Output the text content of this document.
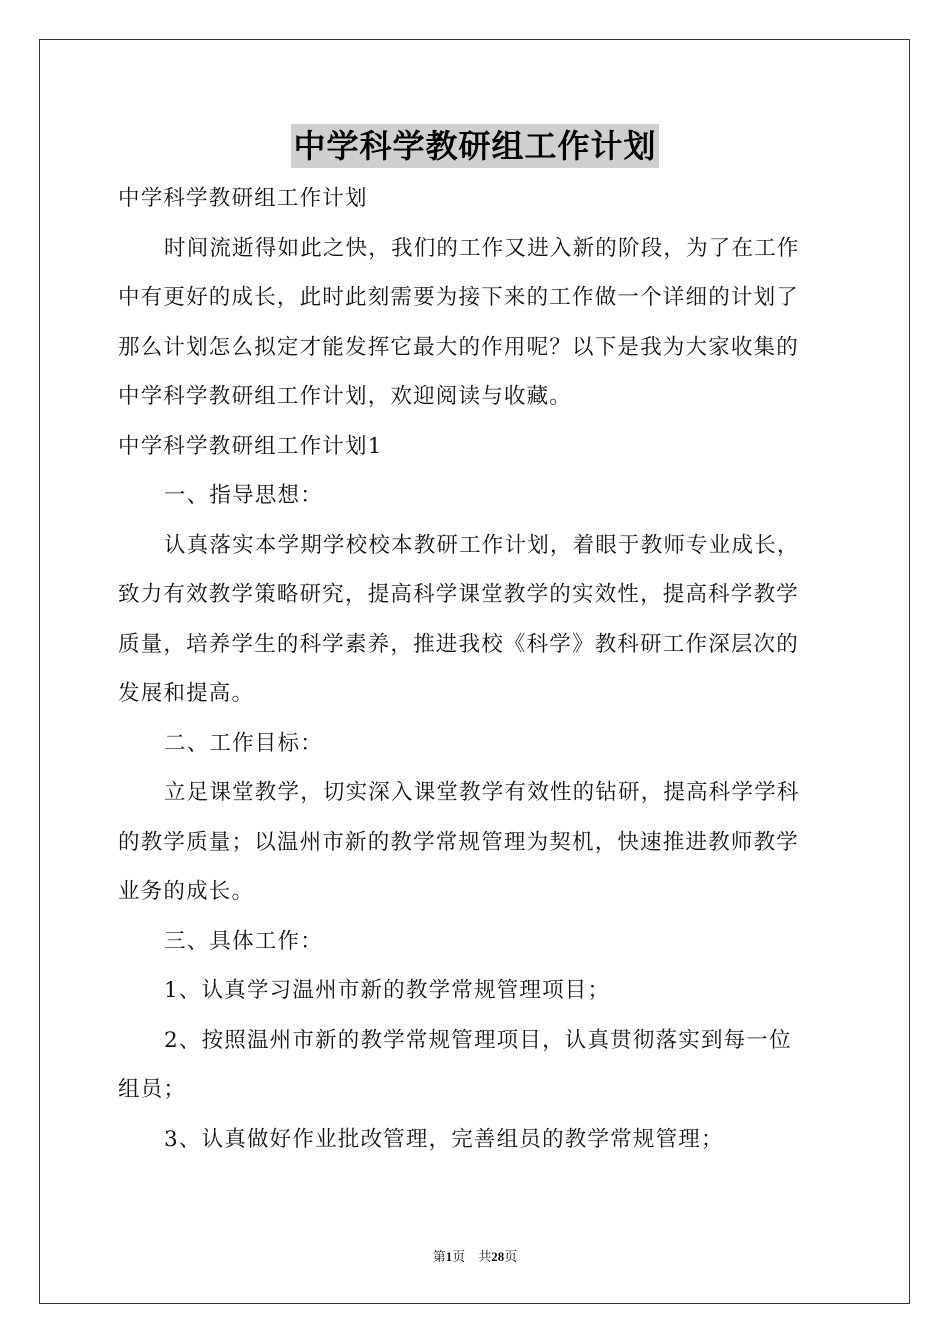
中学科学教研组工作计划
中学科学教研组工作计划
时间流逝得如此之快，我们的工作又进入新的阶段，为了在工作
中有更好的成长，此时此刻需要为接下来的工作做一个详细的计划了
那么计划怎么拟定才能发挥它最大的作用呢？以下是我为大家收集的
中学科学教研组工作计划，欢迎阅读与收藏。
中学科学教研组工作计划1
一、指导思想：
认真落实本学期学校校本教研工作计划，着眼于教师专业成长，
致力有效教学策略研究，提高科学课堂教学的实效性，提高科学教学
质量，培养学生的科学素养，推进我校《科学》教科研工作深层次的
发展和提高。
二、工作目标：
立足课堂教学，切实深入课堂教学有效性的钻研，提高科学学科
的教学质量；以温州市新的教学常规管理为契机，快速推进教师教学
业务的成长。
三、具体工作：
1、认真学习温州市新的教学常规管理项目；
2、按照温州市新的教学常规管理项目，认真贯彻落实到每一位
组员；
3、认真做好作业批改管理，完善组员的教学常规管理；
第1页　共28页
